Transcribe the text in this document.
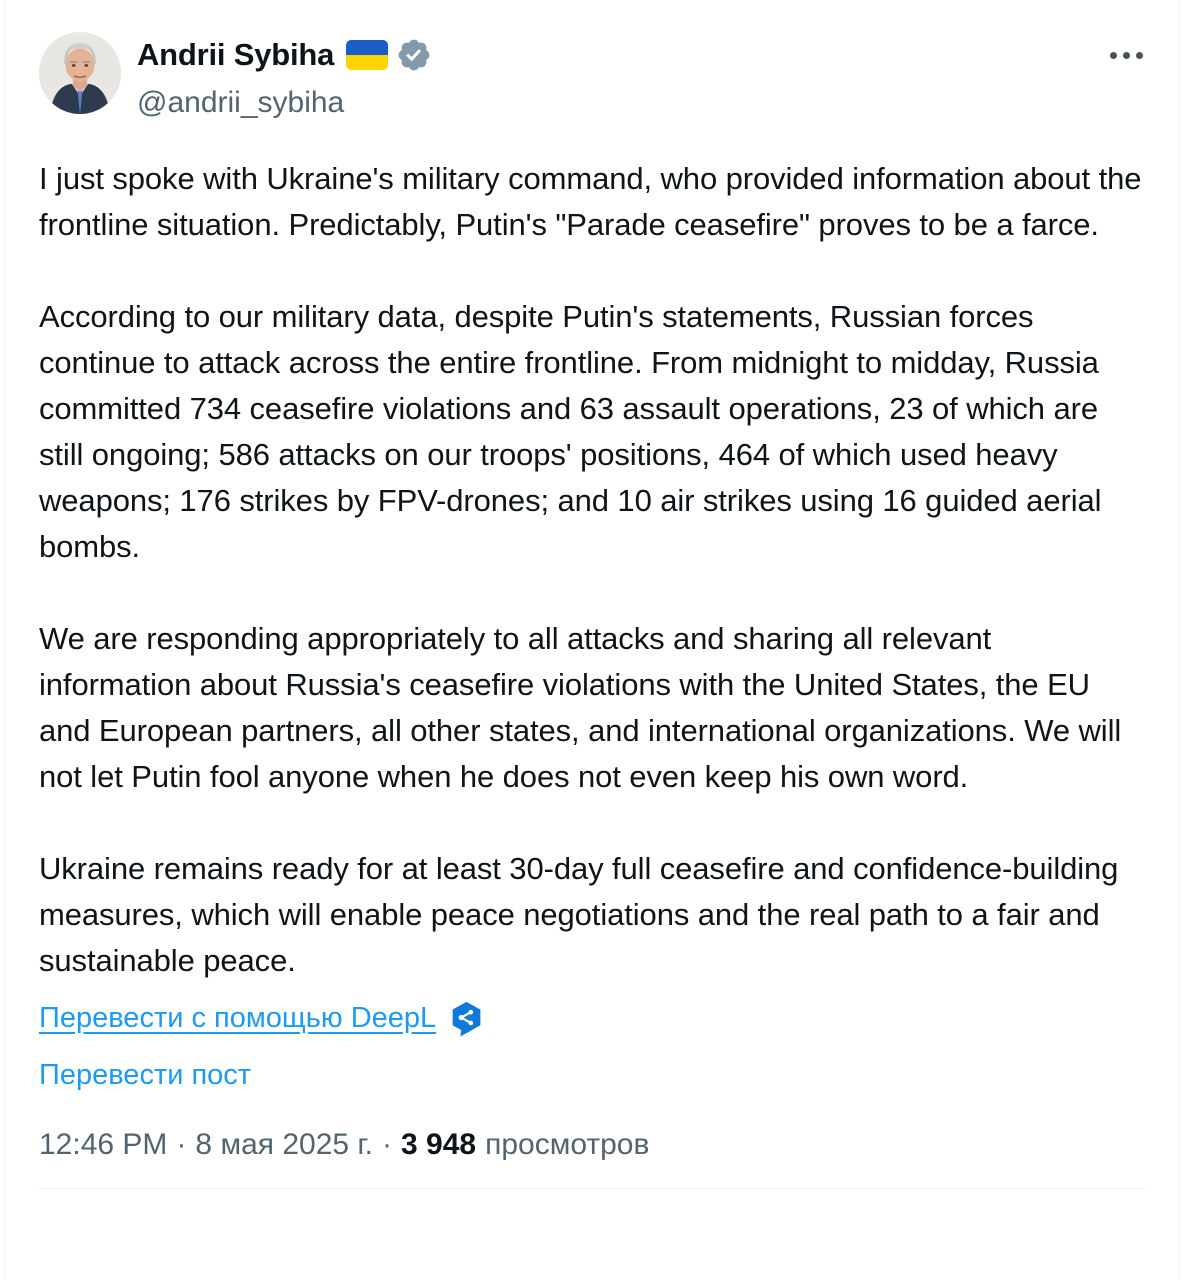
Andrii Sybiha
@andrii_sybiha

I just spoke with Ukraine's military command, who provided information about the frontline situation. Predictably, Putin's "Parade ceasefire" proves to be a farce.

According to our military data, despite Putin's statements, Russian forces continue to attack across the entire frontline. From midnight to midday, Russia committed 734 ceasefire violations and 63 assault operations, 23 of which are still ongoing; 586 attacks on our troops' positions, 464 of which used heavy weapons; 176 strikes by FPV-drones; and 10 air strikes using 16 guided aerial bombs.

We are responding appropriately to all attacks and sharing all relevant information about Russia's ceasefire violations with the United States, the EU and European partners, all other states, and international organizations. We will not let Putin fool anyone when he does not even keep his own word.

Ukraine remains ready for at least 30-day full ceasefire and confidence-building measures, which will enable peace negotiations and the real path to a fair and sustainable peace.

Перевести с помощью DeepL
Перевести пост
12:46 PM · 8 мая 2025 г. · 3 948 просмотров
